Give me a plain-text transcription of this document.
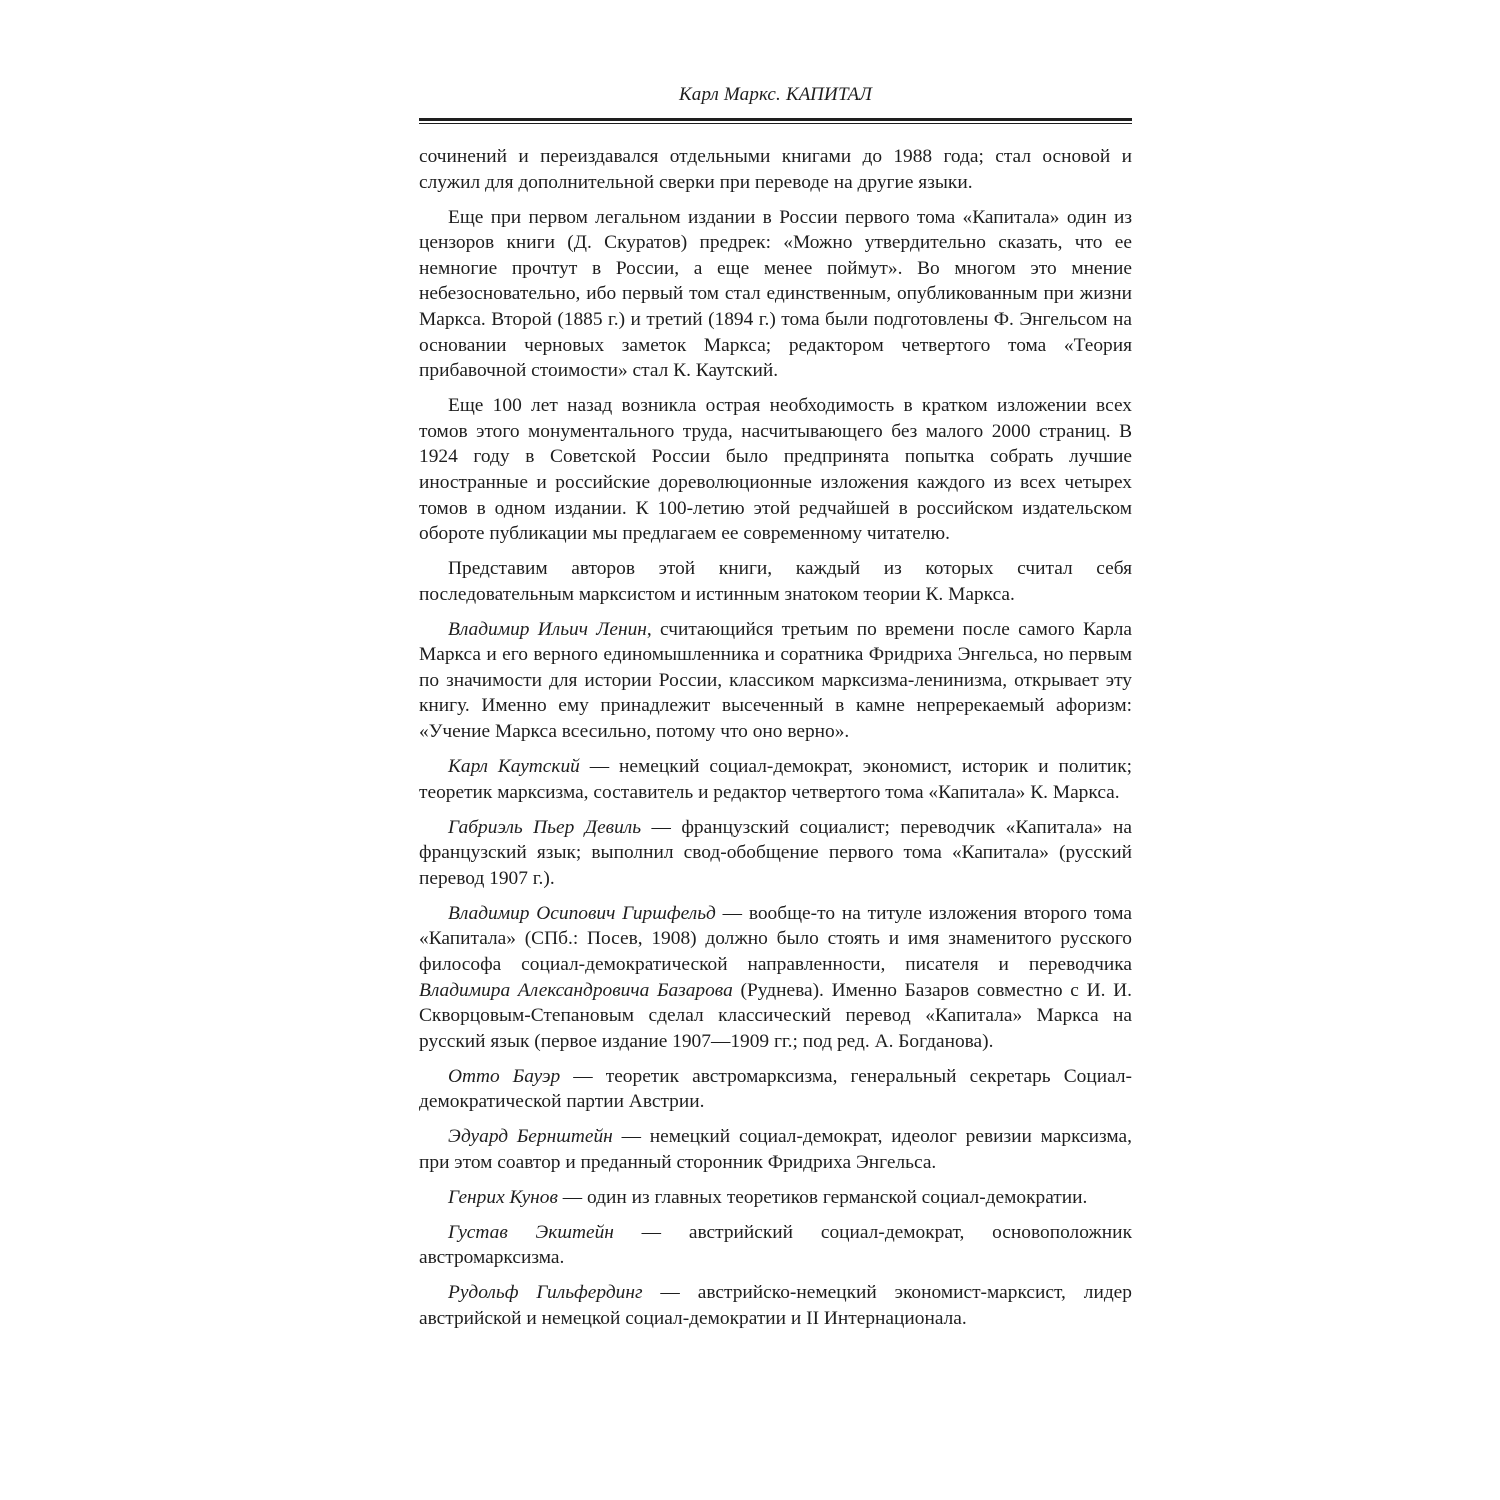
Карл Маркс. КАПИТАЛ

сочинений и переиздавался отдельными книгами до 1988 года; стал основой и служил для дополнительной сверки при переводе на другие языки.

Еще при первом легальном издании в России первого тома «Капитала» один из цензоров книги (Д. Скуратов) предрек: «Можно утвердительно сказать, что ее немногие прочтут в России, а еще менее поймут». Во многом это мнение небезосновательно, ибо первый том стал единственным, опубликованным при жизни Маркса. Второй (1885 г.) и третий (1894 г.) тома были подготовлены Ф. Энгельсом на основании черновых заметок Маркса; редактором четвертого тома «Теория прибавочной стоимости» стал К. Каутский.

Еще 100 лет назад возникла острая необходимость в кратком изложении всех томов этого монументального труда, насчитывающего без малого 2000 страниц. В 1924 году в Советской России было предпринята попытка собрать лучшие иностранные и российские дореволюционные изложения каждого из всех четырех томов в одном издании. К 100-летию этой редчайшей в российском издательском обороте публикации мы предлагаем ее современному читателю.

Представим авторов этой книги, каждый из которых считал себя последовательным марксистом и истинным знатоком теории К. Маркса.

Владимир Ильич Ленин, считающийся третьим по времени после самого Карла Маркса и его верного единомышленника и соратника Фридриха Энгельса, но первым по значимости для истории России, классиком марксизма-ленинизма, открывает эту книгу. Именно ему принадлежит высеченный в камне непререкаемый афоризм: «Учение Маркса всесильно, потому что оно верно».

Карл Каутский — немецкий социал-демократ, экономист, историк и политик; теоретик марксизма, составитель и редактор четвертого тома «Капитала» К. Маркса.

Габриэль Пьер Девиль — французский социалист; переводчик «Капитала» на французский язык; выполнил свод-обобщение первого тома «Капитала» (русский перевод 1907 г.).

Владимир Осипович Гиршфельд — вообще-то на титуле изложения второго тома «Капитала» (СПб.: Посев, 1908) должно было стоять и имя знаменитого русского философа социал-демократической направленности, писателя и переводчика Владимира Александровича Базарова (Руднева). Именно Базаров совместно с И. И. Скворцовым-Степановым сделал классический перевод «Капитала» Маркса на русский язык (первое издание 1907—1909 гг.; под ред. А. Богданова).

Отто Бауэр — теоретик австромарксизма, генеральный секретарь Социал-демократической партии Австрии.

Эдуард Бернштейн — немецкий социал-демократ, идеолог ревизии марксизма, при этом соавтор и преданный сторонник Фридриха Энгельса.

Генрих Кунов — один из главных теоретиков германской социал-демократии.

Густав Экштейн — австрийский социал-демократ, основоположник австромарксизма.

Рудольф Гильфердинг — австрийско-немецкий экономист-марксист, лидер австрийской и немецкой социал-демократии и II Интернационала.
